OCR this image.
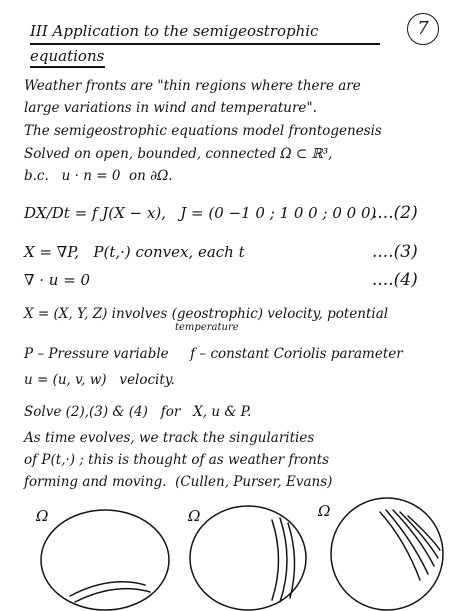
7
III Application to the semigeostrophic
equations
Weather fronts are "thin regions where there are
large variations in wind and temperature".
The semigeostrophic equations model frontogenesis
Solved on open, bounded, connected Ω ⊂ ℝ³,
b.c.   u · n = 0  on ∂Ω.
DX/Dt = f J(X − x),   J = (0 −1 0 ; 1 0 0 ; 0 0 0)
....(2)
X = ∇P,   P(t,·) convex, each t	....(3)
∇ · u = 0	....(4)
X = (X, Y, Z) involves (geostrophic) velocity, potential
temperature
P – Pressure variable     f – constant Coriolis parameter
u = (u, v, w)   velocity.
Solve (2),(3) & (4)   for   X, u & P.
As time evolves, we track the singularities
of P(t,·) ; this is thought of as weather fronts
forming and moving.  (Cullen, Purser, Evans)
Ω	Ω	Ω
